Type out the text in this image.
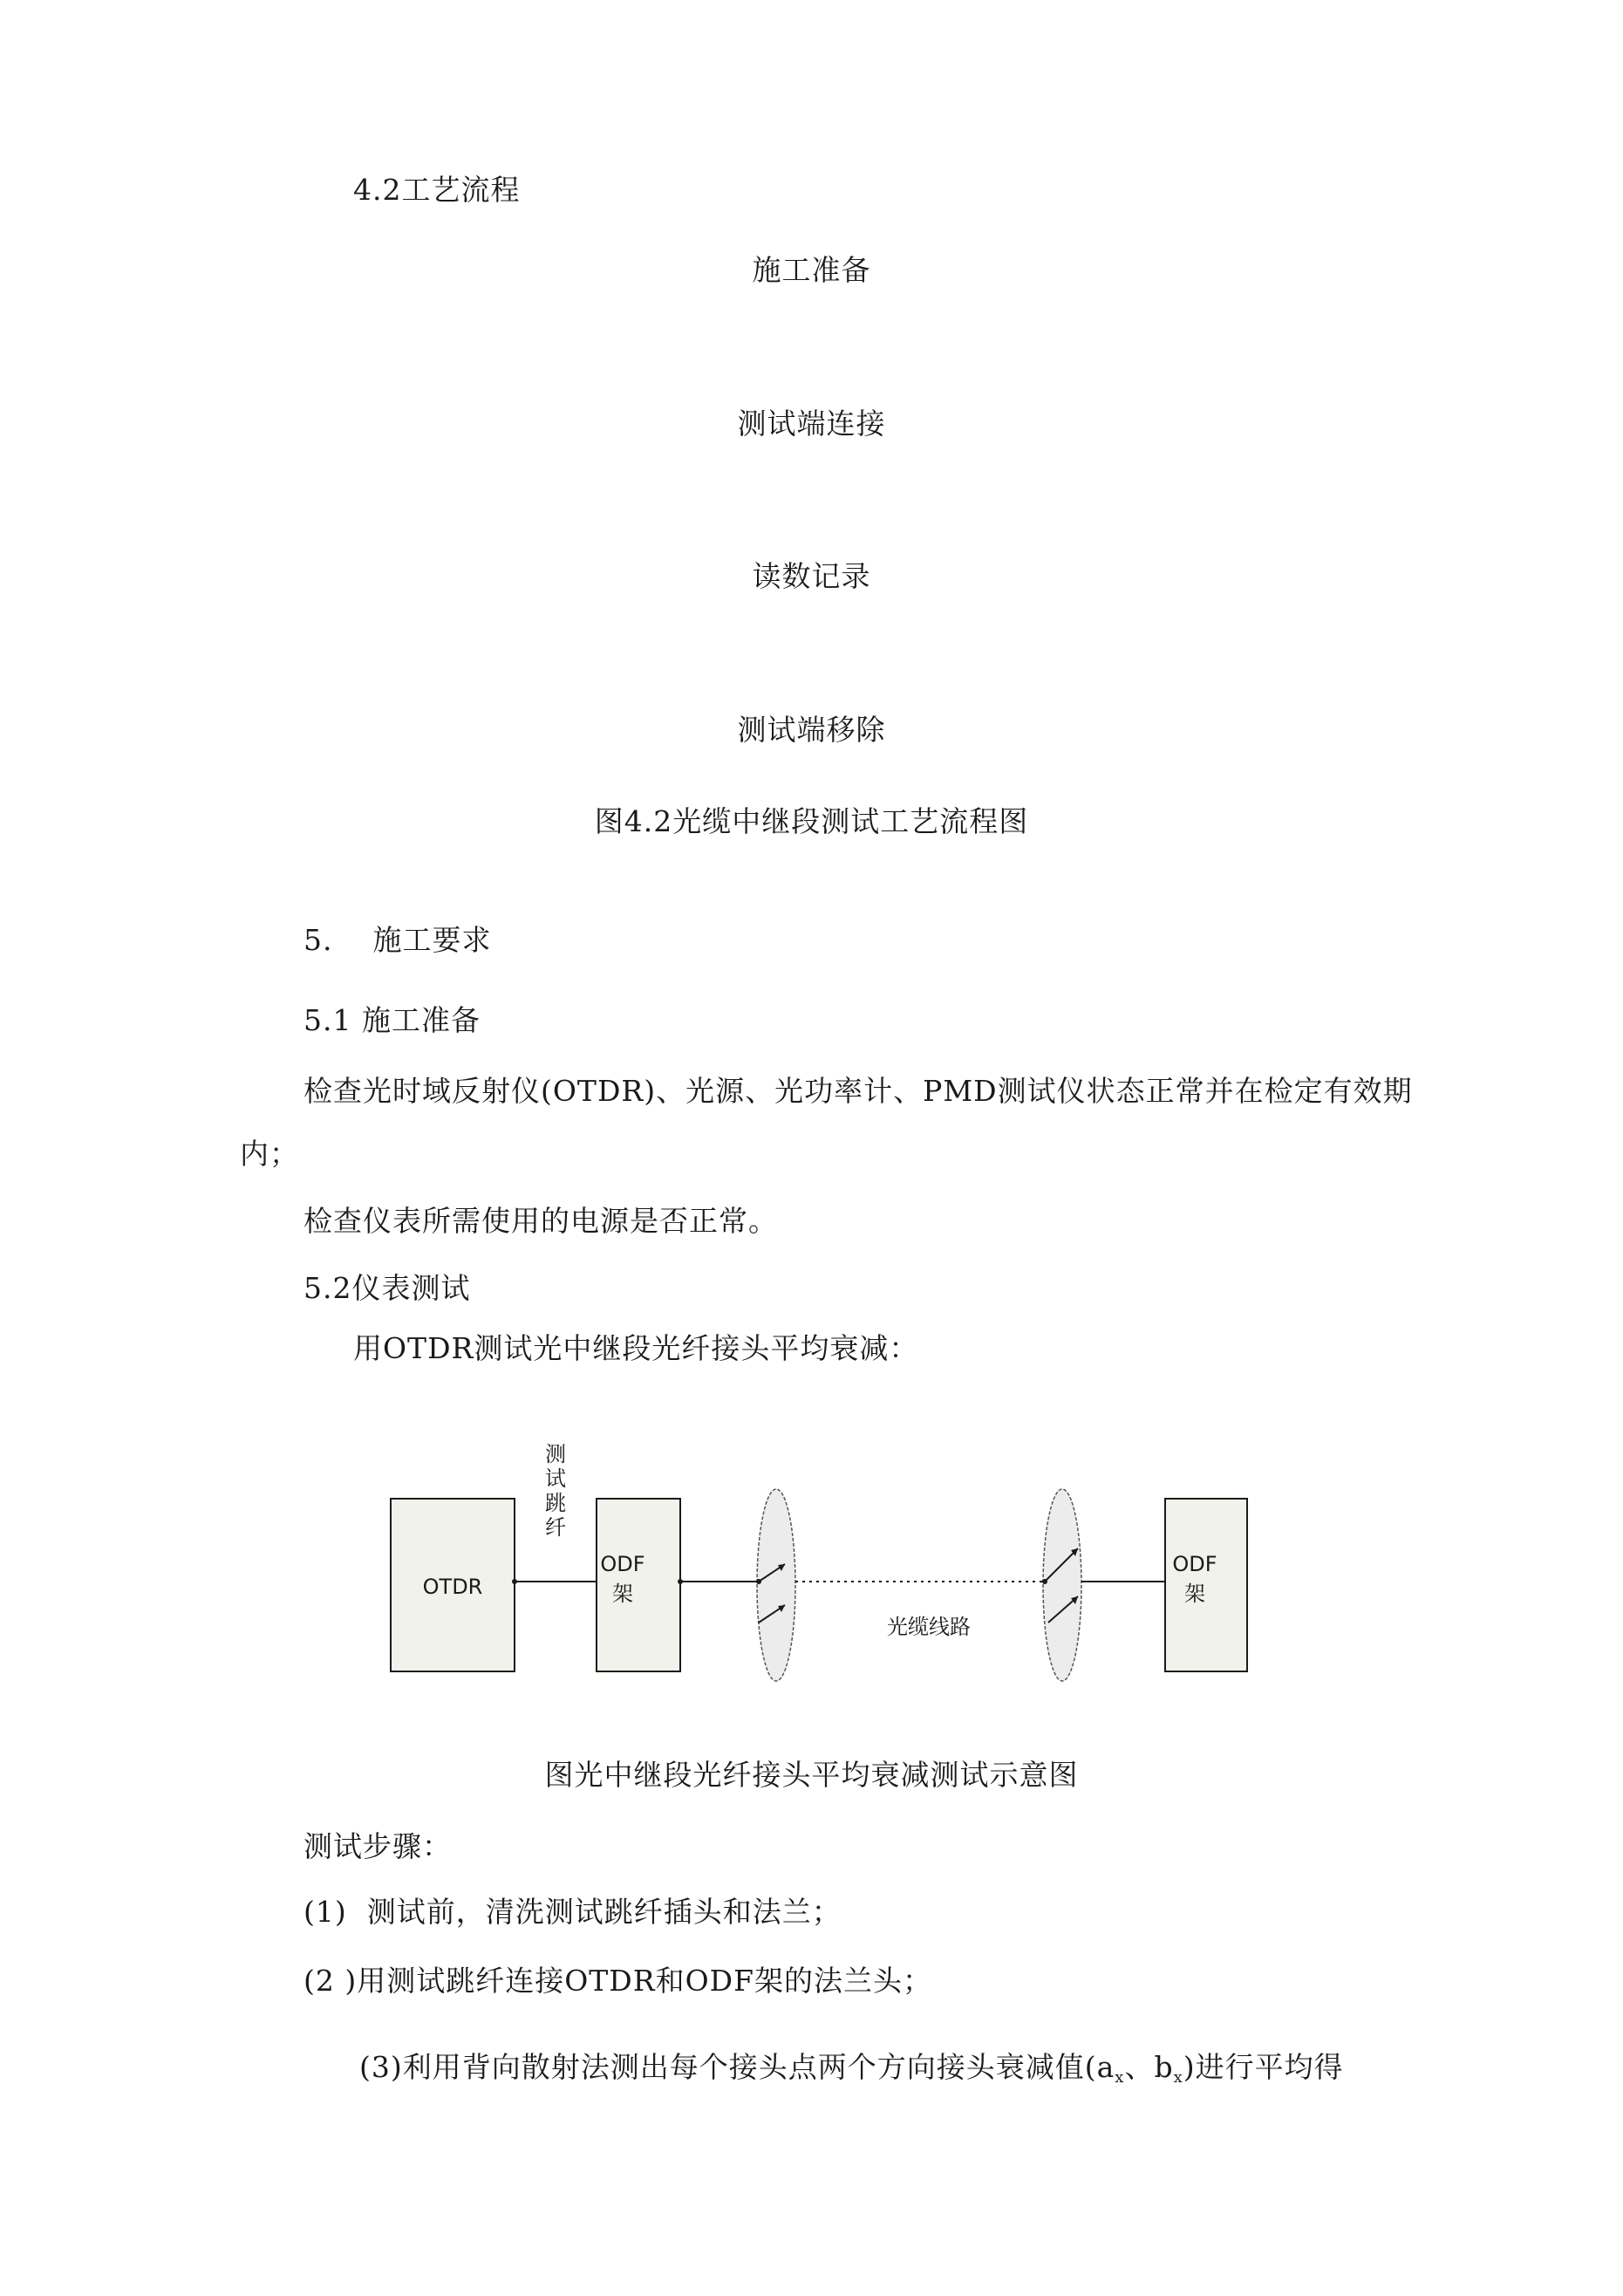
4.2工艺流程
施工准备
测试端连接
读数记录
测试端移除
图4.2光缆中继段测试工艺流程图
5.    施工要求
5.1 施工准备
检查光时域反射仪(OTDR)、光源、光功率计、PMD测试仪状态正常并在检定有效期
内；
检查仪表所需使用的电源是否正常。
5.2仪表测试
用OTDR测试光中继段光纤接头平均衰减：
OTDR
测
试
跳
纤
ODF
架
光缆线路
ODF
架
图光中继段光纤接头平均衰减测试示意图
测试步骤：
(1)  测试前，清洗测试跳纤插头和法兰；
(2 )用测试跳纤连接OTDR和ODF架的法兰头；
(3)利用背向散射法测出每个接头点两个方向接头衰减值($a_x$、$b_x$)进行平均得
